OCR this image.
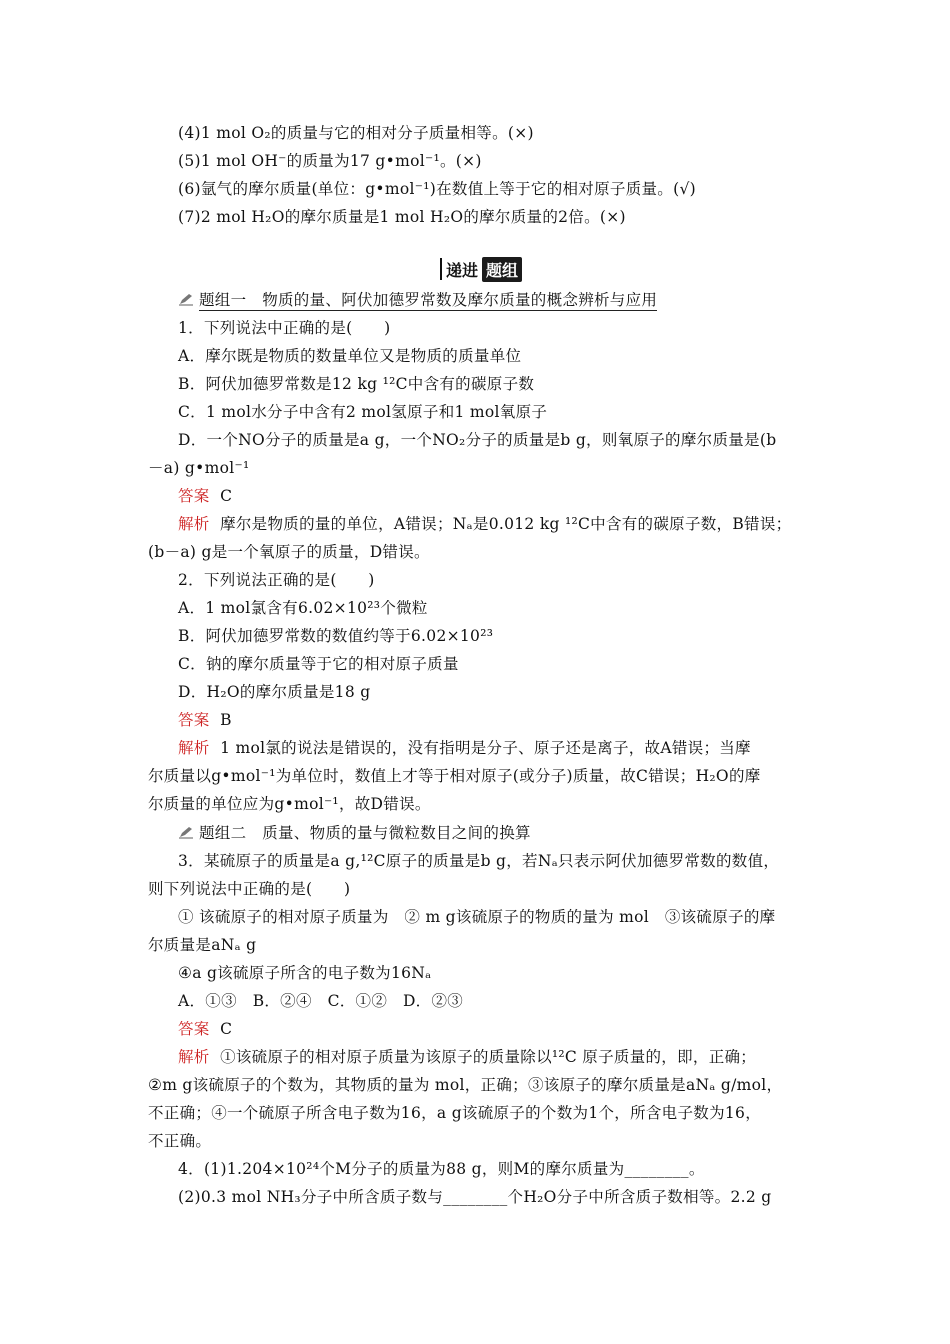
(4)1 mol O₂的质量与它的相对分子质量相等。(×)
(5)1 mol OH⁻的质量为17 g•mol⁻¹。(×)
(6)氩气的摩尔质量(单位：g•mol⁻¹)在数值上等于它的相对原子质量。(√)
(7)2 mol H₂O的摩尔质量是1 mol H₂O的摩尔质量的2倍。(×)
递进 题组
题组一　物质的量、阿伏加德罗常数及摩尔质量的概念辨析与应用
1．下列说法中正确的是(　　)
A．摩尔既是物质的数量单位又是物质的质量单位
B．阿伏加德罗常数是12 kg ¹²C中含有的碳原子数
C．1 mol水分子中含有2 mol氢原子和1 mol氧原子
D．一个NO分子的质量是a g，一个NO₂分子的质量是b g，则氧原子的摩尔质量是(b
－a) g•mol⁻¹
答案 C
解析 摩尔是物质的量的单位，A错误；Nₐ是0.012 kg ¹²C中含有的碳原子数，B错误；
(b－a) g是一个氧原子的质量，D错误。
2．下列说法正确的是(　　)
A．1 mol氯含有6.02×10²³个微粒
B．阿伏加德罗常数的数值约等于6.02×10²³
C．钠的摩尔质量等于它的相对原子质量
D．H₂O的摩尔质量是18 g
答案 B
解析 1 mol氯的说法是错误的，没有指明是分子、原子还是离子，故A错误；当摩
尔质量以g•mol⁻¹为单位时，数值上才等于相对原子(或分子)质量，故C错误；H₂O的摩
尔质量的单位应为g•mol⁻¹，故D错误。
题组二　质量、物质的量与微粒数目之间的换算
3．某硫原子的质量是a g,¹²C原子的质量是b g，若Nₐ只表示阿伏加德罗常数的数值，
则下列说法中正确的是(　　)
① 该硫原子的相对原子质量为　② m g该硫原子的物质的量为 mol　③该硫原子的摩
尔质量是aNₐ g
④a g该硫原子所含的电子数为16Nₐ
A．①③　B．②④　C．①②　D．②③
答案 C
解析 ①该硫原子的相对原子质量为该原子的质量除以¹²C 原子质量的，即，正确；
②m g该硫原子的个数为，其物质的量为 mol，正确；③该原子的摩尔质量是aNₐ g/mol，
不正确；④一个硫原子所含电子数为16，a g该硫原子的个数为1个，所含电子数为16，
不正确。
4．(1)1.204×10²⁴个M分子的质量为88 g，则M的摩尔质量为________。
(2)0.3 mol NH₃分子中所含质子数与________个H₂O分子中所含质子数相等。2.2 g
